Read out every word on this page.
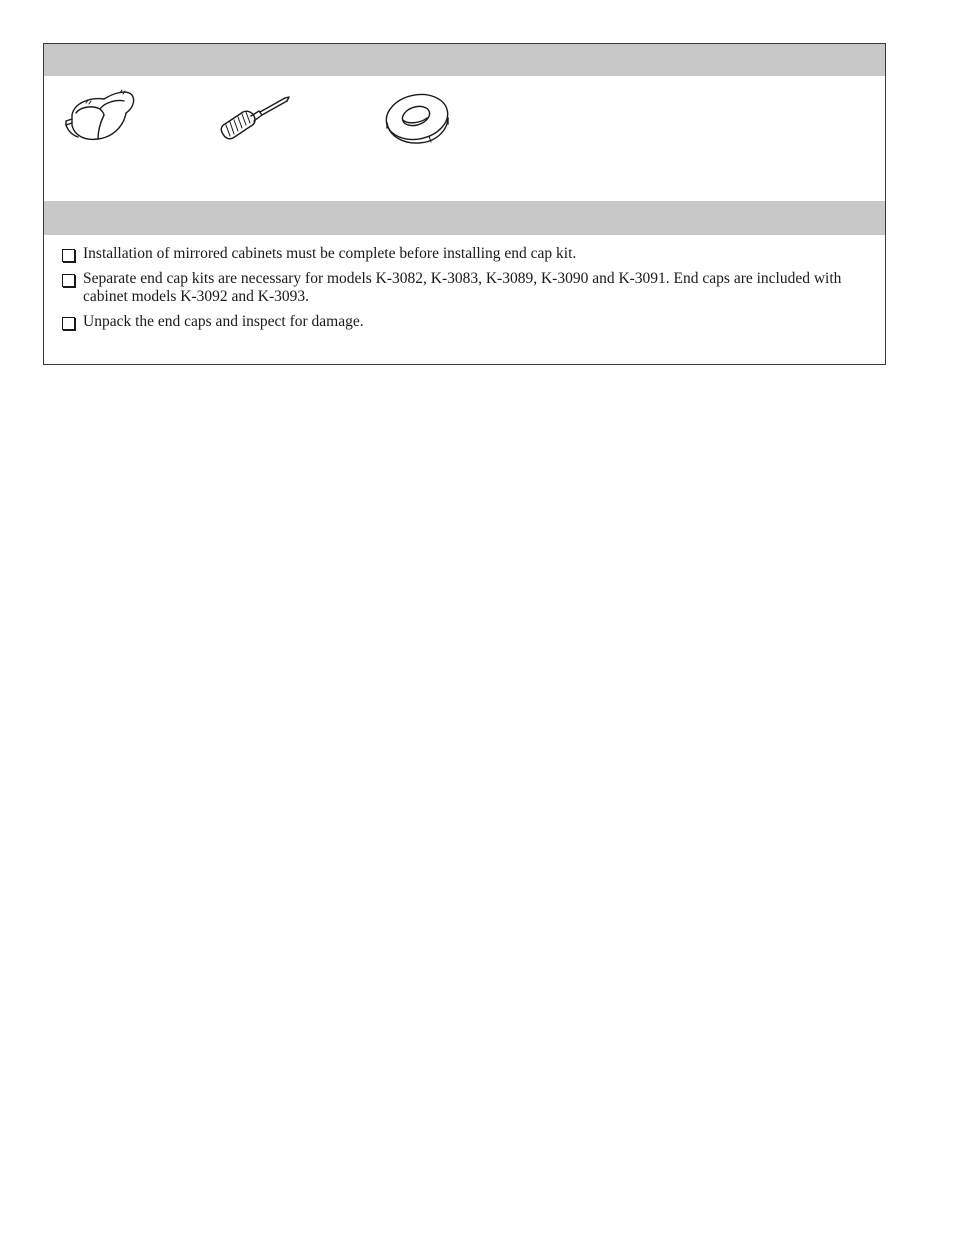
Installation of mirrored cabinets must be complete before installing end cap kit.
Separate end cap kits are necessary for models K-3082, K-3083, K-3089, K-3090 and K-3091. End caps are included with cabinet models K-3092 and K-3093.
Unpack the end caps and inspect for damage.
